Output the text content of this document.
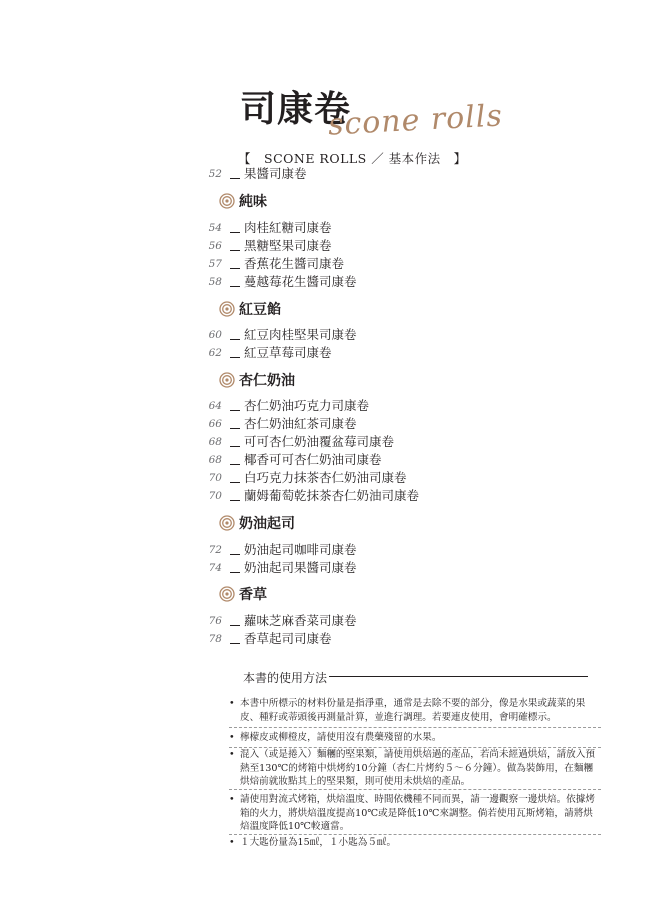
司康卷
scone rolls
【　SCONE ROLLS ／ 基本作法　】
52 果醬司康卷
純味
54 肉桂紅糖司康卷
56 黑糖堅果司康卷
57 香蕉花生醬司康卷
58 蔓越莓花生醬司康卷
紅豆餡
60 紅豆肉桂堅果司康卷
62 紅豆草莓司康卷
杏仁奶油
64 杏仁奶油巧克力司康卷
66 杏仁奶油紅茶司康卷
68 可可杏仁奶油覆盆莓司康卷
68 椰香可可杏仁奶油司康卷
70 白巧克力抹茶杏仁奶油司康卷
70 蘭姆葡萄乾抹茶杏仁奶油司康卷
奶油起司
72 奶油起司咖啡司康卷
74 奶油起司果醬司康卷
香草
76 蘿味芝麻香菜司康卷
78 香草起司司康卷
本書的使用方法
• 本書中所標示的材料份量是指淨重，通常是去除不要的部分，像是水果或蔬菜的果皮、種籽或蒂頭後再測量計算，並進行調理。若要連皮使用，會明確標示。
• 檸檬皮或柳橙皮，請使用沒有農藥殘留的水果。
• 混入（或是捲入）麵糰的堅果類，請使用烘焙過的產品，若尚未經過烘焙，請放入預熱至130℃的烤箱中烘烤約10分鐘（杏仁片烤約５～６分鐘）。做為裝飾用，在麵糰烘焙前就妝點其上的堅果類，則可使用未烘焙的產品。
• 請使用對流式烤箱，烘焙溫度、時間依機種不同而異，請一邊觀察一邊烘焙。依據烤箱的火力，將烘焙溫度提高10℃或是降低10℃來調整。倘若使用瓦斯烤箱，請將烘焙溫度降低10℃較適當。
• １大匙份量為15㎖，１小匙為５㎖。
